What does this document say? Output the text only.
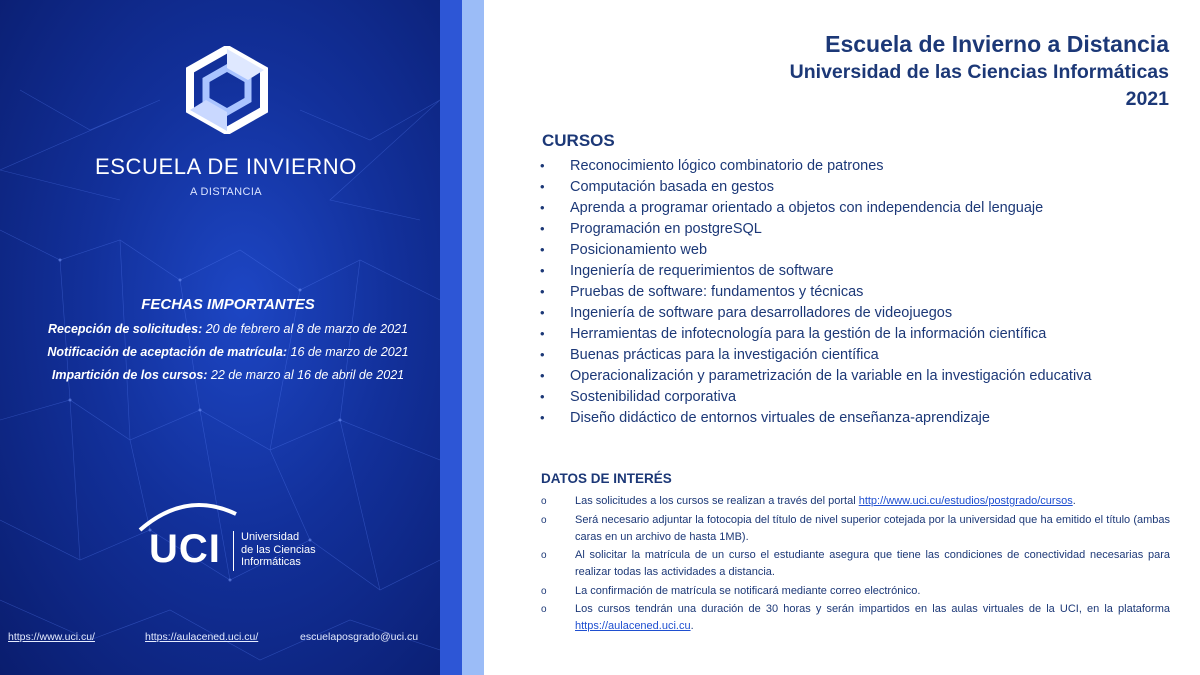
ESCUELA DE INVIERNO
A DISTANCIA
FECHAS IMPORTANTES
Recepción de solicitudes: 20 de febrero al 8 de marzo de 2021
Notificación de aceptación de matrícula: 16 de marzo de 2021
Impartición de los cursos: 22 de marzo al 16 de abril de 2021
UCI Universidad
de las Ciencias
Informáticas
https://www.uci.cu/	https://aulacened.uci.cu/	escuelaposgrado@uci.cu
Escuela de Invierno a Distancia
Universidad de las Ciencias Informáticas
2021
CURSOS
• Reconocimiento lógico combinatorio de patrones
• Computación basada en gestos
• Aprenda a programar orientado a objetos con independencia del lenguaje
• Programación en postgreSQL
• Posicionamiento web
• Ingeniería de requerimientos de software
• Pruebas de software: fundamentos y técnicas
• Ingeniería de software para desarrolladores de videojuegos
• Herramientas de infotecnología para la gestión de la información científica
• Buenas prácticas para la investigación científica
• Operacionalización y parametrización de la variable en la investigación educativa
• Sostenibilidad corporativa
• Diseño didáctico de entornos virtuales de enseñanza-aprendizaje
DATOS DE INTERÉS
o	Las solicitudes a los cursos se realizan a través del portal http://www.uci.cu/estudios/postgrado/cursos.
o	Será necesario adjuntar la fotocopia del título de nivel superior cotejada por la universidad que ha emitido el título (ambas caras en un archivo de hasta 1MB).
o	Al solicitar la matrícula de un curso el estudiante asegura que tiene las condiciones de conectividad necesarias para realizar todas las actividades a distancia.
o	La confirmación de matrícula se notificará mediante correo electrónico.
o	Los cursos tendrán una duración de 30 horas y serán impartidos en las aulas virtuales de la UCI, en la plataforma https://aulacened.uci.cu.
